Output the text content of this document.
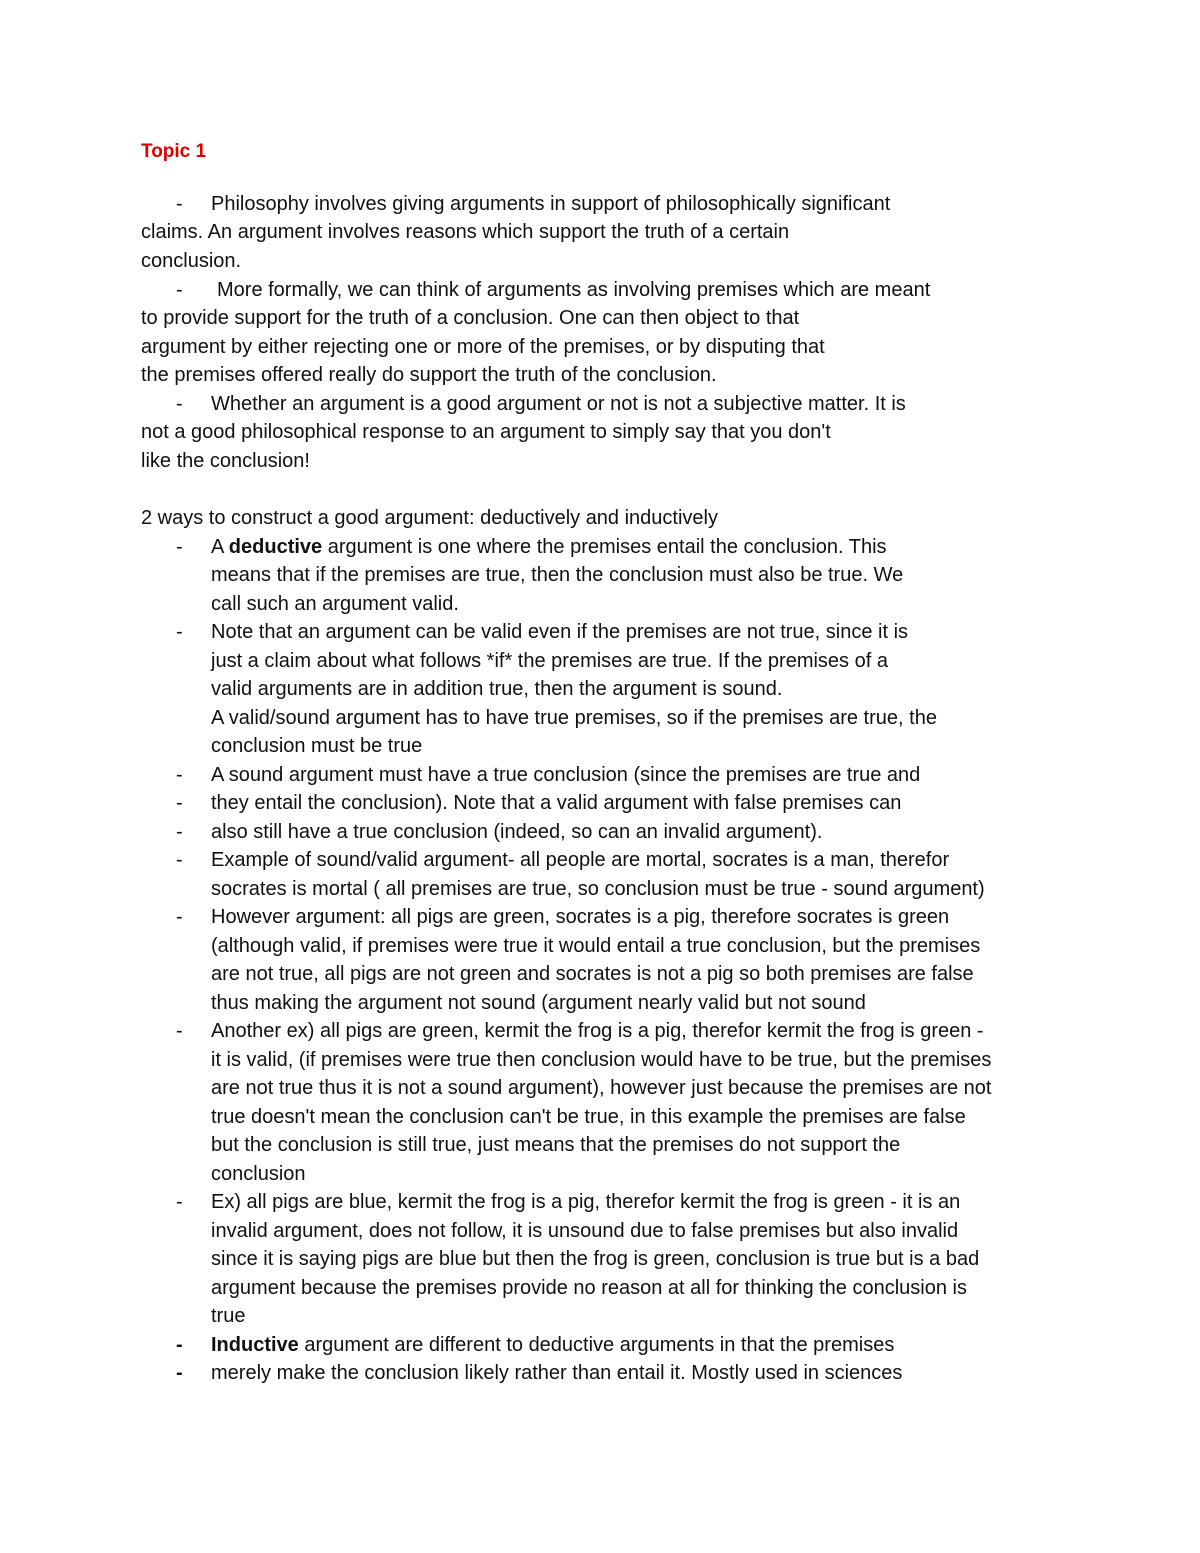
Topic 1
- Philosophy involves giving arguments in support of philosophically significant
claims. An argument involves reasons which support the truth of a certain
conclusion.
- More formally, we can think of arguments as involving premises which are meant
to provide support for the truth of a conclusion. One can then object to that
argument by either rejecting one or more of the premises, or by disputing that
the premises offered really do support the truth of the conclusion.
- Whether an argument is a good argument or not is not a subjective matter. It is
not a good philosophical response to an argument to simply say that you don't
like the conclusion!
2 ways to construct a good argument: deductively and inductively
- A deductive argument is one where the premises entail the conclusion. This
means that if the premises are true, then the conclusion must also be true. We
call such an argument valid.
- Note that an argument can be valid even if the premises are not true, since it is
just a claim about what follows *if* the premises are true. If the premises of a
valid arguments are in addition true, then the argument is sound.
A valid/sound argument has to have true premises, so if the premises are true, the
conclusion must be true
- A sound argument must have a true conclusion (since the premises are true and
- they entail the conclusion). Note that a valid argument with false premises can
- also still have a true conclusion (indeed, so can an invalid argument).
- Example of sound/valid argument- all people are mortal, socrates is a man, therefor
socrates is mortal ( all premises are true, so conclusion must be true - sound argument)
- However argument: all pigs are green, socrates is a pig, therefore socrates is green
(although valid, if premises were true it would entail a true conclusion, but the premises
are not true, all pigs are not green and socrates is not a pig so both premises are false
thus making the argument not sound (argument nearly valid but not sound
- Another ex) all pigs are green, kermit the frog is a pig, therefor kermit the frog is green -
it is valid, (if premises were true then conclusion would have to be true, but the premises
are not true thus it is not a sound argument), however just because the premises are not
true doesn't mean the conclusion can't be true, in this example the premises are false
but the conclusion is still true, just means that the premises do not support the
conclusion
- Ex) all pigs are blue, kermit the frog is a pig, therefor kermit the frog is green - it is an
invalid argument, does not follow, it is unsound due to false premises but also invalid
since it is saying pigs are blue but then the frog is green, conclusion is true but is a bad
argument because the premises provide no reason at all for thinking the conclusion is
true
- Inductive argument are different to deductive arguments in that the premises
- merely make the conclusion likely rather than entail it. Mostly used in sciences
